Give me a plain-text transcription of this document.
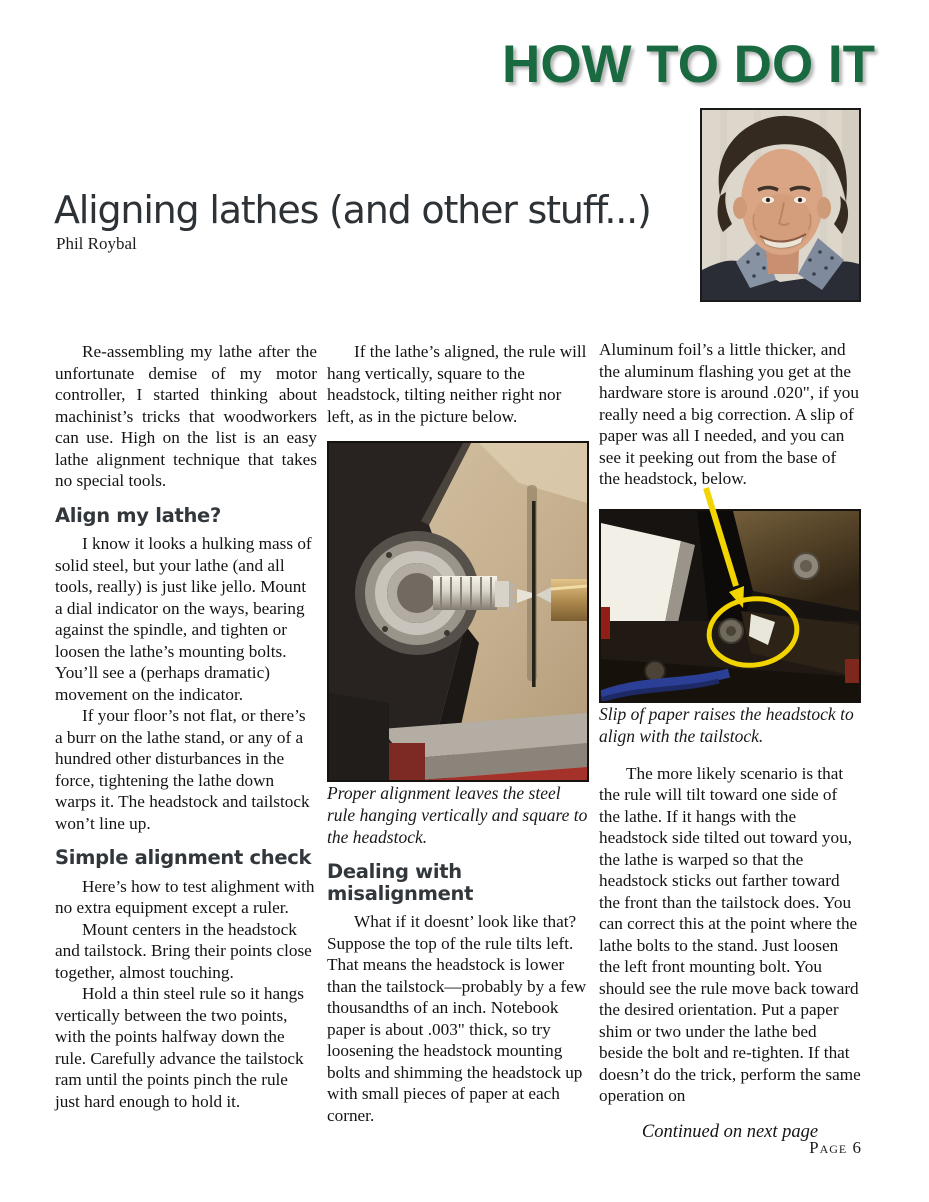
HOW TO DO IT
Aligning lathes (and other stuff...)
Phil Roybal

Re-assembling my lathe after the unfortunate demise of my motor controller, I started thinking about machinist’s tricks that woodworkers can use. High on the list is an easy lathe alignment technique that takes no special tools.

Align my lathe?

I know it looks a hulking mass of solid steel, but your lathe (and all tools, really) is just like jello. Mount a dial indicator on the ways, bearing against the spindle, and tighten or loosen the lathe’s mounting bolts. You’ll see a (perhaps dramatic) movement on the indicator.

If your floor’s not flat, or there’s a burr on the lathe stand, or any of a hundred other disturbances in the force, tightening the lathe down warps it. The headstock and tailstock won’t line up.

Simple alignment check

Here’s how to test alighment with no extra equipment except a ruler.

Mount centers in the headstock and tailstock. Bring their points close together, almost touching.

Hold a thin steel rule so it hangs vertically between the two points, with the points halfway down the rule. Carefully advance the tailstock ram until the points pinch the rule just hard enough to hold it.

If the lathe’s aligned, the rule will hang vertically, square to the headstock, tilting neither right nor left, as in the picture below.

Proper alignment leaves the steel rule hanging vertically and square to the headstock.

Dealing with misalignment

What if it doesnt’ look like that? Suppose the top of the rule tilts left. That means the headstock is lower than the tailstock—probably by a few thousandths of an inch. Notebook paper is about .003" thick, so try loosening the headstock mounting bolts and shimming the headstock up with small pieces of paper at each corner.

Aluminum foil’s a little thicker, and the aluminum flashing you get at the hardware store is around .020", if you really need a big correction. A slip of paper was all I needed, and you can see it peeking out from the base of the headstock, below.

Slip of paper raises the headstock to align with the tailstock.

The more likely scenario is that the rule will tilt toward one side of the lathe. If it hangs with the headstock side tilted out toward you, the lathe is warped so that the headstock sticks out farther toward the front than the tailstock does. You can correct this at the point where the lathe bolts to the stand. Just loosen the left front mounting bolt. You should see the rule move back toward the desired orientation. Put a paper shim or two under the lathe bed beside the bolt and re-tighten. If that doesn’t do the trick, perform the same operation on

Continued on next page
Page 6
